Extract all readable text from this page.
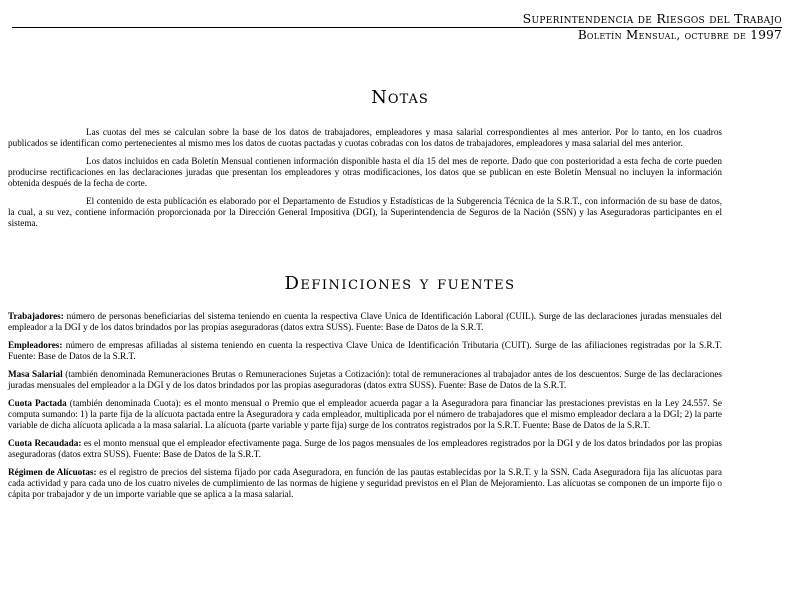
Superintendencia de Riesgos del Trabajo
Boletín Mensual, octubre de 1997
Notas

Las cuotas del mes se calculan sobre la base de los datos de trabajadores, empleadores y masa salarial correspondientes al mes anterior. Por lo tanto, en los cuadros publicados se identifican como pertenecientes al mismo mes los datos de cuotas pactadas y cuotas cobradas con los datos de trabajadores, empleadores y masa salarial del mes anterior.

Los datos incluidos en cada Boletín Mensual contienen información disponible hasta el día 15 del mes de reporte. Dado que con posterioridad a esta fecha de corte pueden producirse rectificaciones en las declaraciones juradas que presentan los empleadores y otras modificaciones, los datos que se publican en este Boletín Mensual no incluyen la información obtenida después de la fecha de corte.

El contenido de esta publicación es elaborado por el Departamento de Estudios y Estadísticas de la Subgerencia Técnica de la S.R.T., con información de su base de datos, la cual, a su vez, contiene información proporcionada por la Dirección General Impositiva (DGI), la Superintendencia de Seguros de la Nación (SSN) y las Aseguradoras participantes en el sistema.

Definiciones y fuentes

Trabajadores: número de personas beneficiarias del sistema teniendo en cuenta la respectiva Clave Unica de Identificación Laboral (CUIL). Surge de las declaraciones juradas mensuales del empleador a la DGI y de los datos brindados por las propias aseguradoras (datos extra SUSS). Fuente: Base de Datos de la S.R.T.

Empleadores: número de empresas afiliadas al sistema teniendo en cuenta la respectiva Clave Unica de Identificación Tributaria (CUIT). Surge de las afiliaciones registradas por la S.R.T. Fuente: Base de Datos de la S.R.T.

Masa Salarial (también denominada Remuneraciones Brutas o Remuneraciones Sujetas a Cotización): total de remuneraciones al trabajador antes de los descuentos. Surge de las declaraciones juradas mensuales del empleador a la DGI y de los datos brindados por las propias aseguradoras (datos extra SUSS). Fuente: Base de Datos de la S.R.T.

Cuota Pactada (también denominada Cuota): es el monto mensual o Premio que el empleador acuerda pagar a la Aseguradora para financiar las prestaciones previstas en la Ley 24.557. Se computa sumando: 1) la parte fija de la alícuota pactada entre la Aseguradora y cada empleador, multiplicada por el número de trabajadores que el mismo empleador declara a la DGI; 2) la parte variable de dicha alícuota aplicada a la masa salarial. La alícuota (parte variable y parte fija) surge de los contratos registrados por la S.R.T. Fuente: Base de Datos de la S.R.T.

Cuota Recaudada: es el monto mensual que el empleador efectivamente paga. Surge de los pagos mensuales de los empleadores registrados por la DGI y de los datos brindados por las propias aseguradoras (datos extra SUSS). Fuente: Base de Datos de la S.R.T.

Régimen de Alícuotas: es el registro de precios del sistema fijado por cada Aseguradora, en función de las pautas establecidas por la S.R.T. y la SSN. Cada Aseguradora fija las alícuotas para cada actividad y para cada uno de los cuatro niveles de cumplimiento de las normas de higiene y seguridad previstos en el Plan de Mejoramiento. Las alícuotas se componen de un importe fijo o cápita por trabajador y de un importe variable que se aplica a la masa salarial.
